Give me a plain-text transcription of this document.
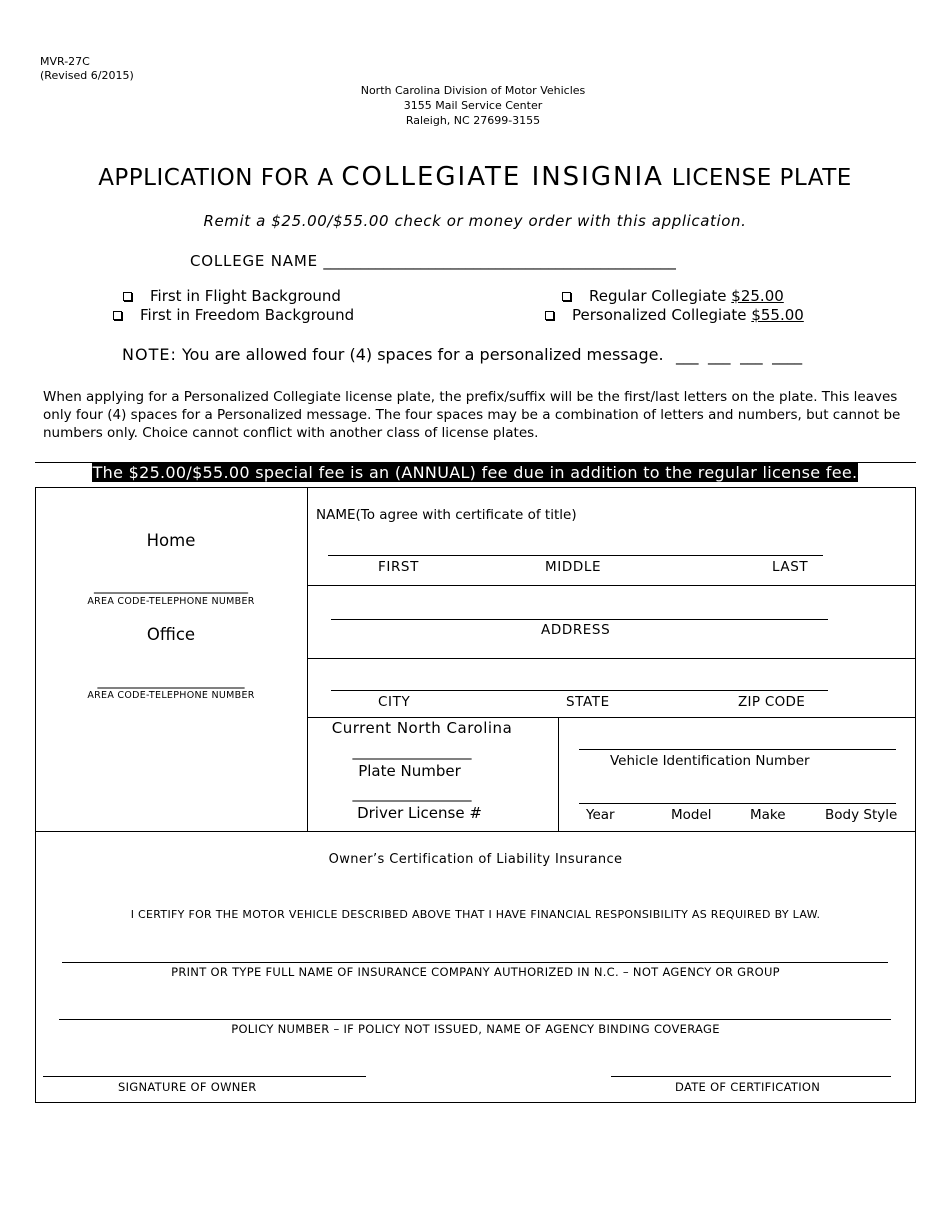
MVR-27C
(Revised 6/2015)
North Carolina Division of Motor Vehicles
3155 Mail Service Center
Raleigh, NC 27699-3155
APPLICATION FOR A COLLEGIATE INSIGNIA LICENSE PLATE
Remit a $25.00/$55.00 check or money order with this application.
COLLEGE NAME _______________________________________________
First in Flight Background
First in Freedom Background
Regular Collegiate
$25.00
Personalized Collegiate
$55.00
NOTE: You are allowed four (4) spaces for a personalized message. ___  ___  ___  ____
When applying for a Personalized Collegiate license plate, the prefix/suffix will be the first/last letters on the plate. This leaves only four (4) spaces for a Personalized message. The four spaces may be a combination of letters and numbers, but cannot be numbers only. Choice cannot conflict with another class of license plates.
The $25.00/$55.00 special fee is an (ANNUAL) fee due in addition to the regular license fee.
Home
______________________
AREA CODE-TELEPHONE NUMBER
Office
_____________________
AREA CODE-TELEPHONE NUMBER
NAME(To agree with certificate of title)
FIRST	MIDDLE	LAST
ADDRESS
CITY	STATE	ZIP CODE
Current North Carolina
_________________
Plate Number
_________________
Driver License #
Vehicle Identification Number
Year	Model	Make	Body Style
Owner’s Certification of Liability Insurance
I CERTIFY FOR THE MOTOR VEHICLE DESCRIBED ABOVE THAT I HAVE FINANCIAL RESPONSIBILITY AS REQUIRED BY LAW.
PRINT OR TYPE FULL NAME OF INSURANCE COMPANY AUTHORIZED IN N.C. – NOT AGENCY OR GROUP
POLICY NUMBER – IF POLICY NOT ISSUED, NAME OF AGENCY BINDING COVERAGE
SIGNATURE OF OWNER	DATE OF CERTIFICATION
